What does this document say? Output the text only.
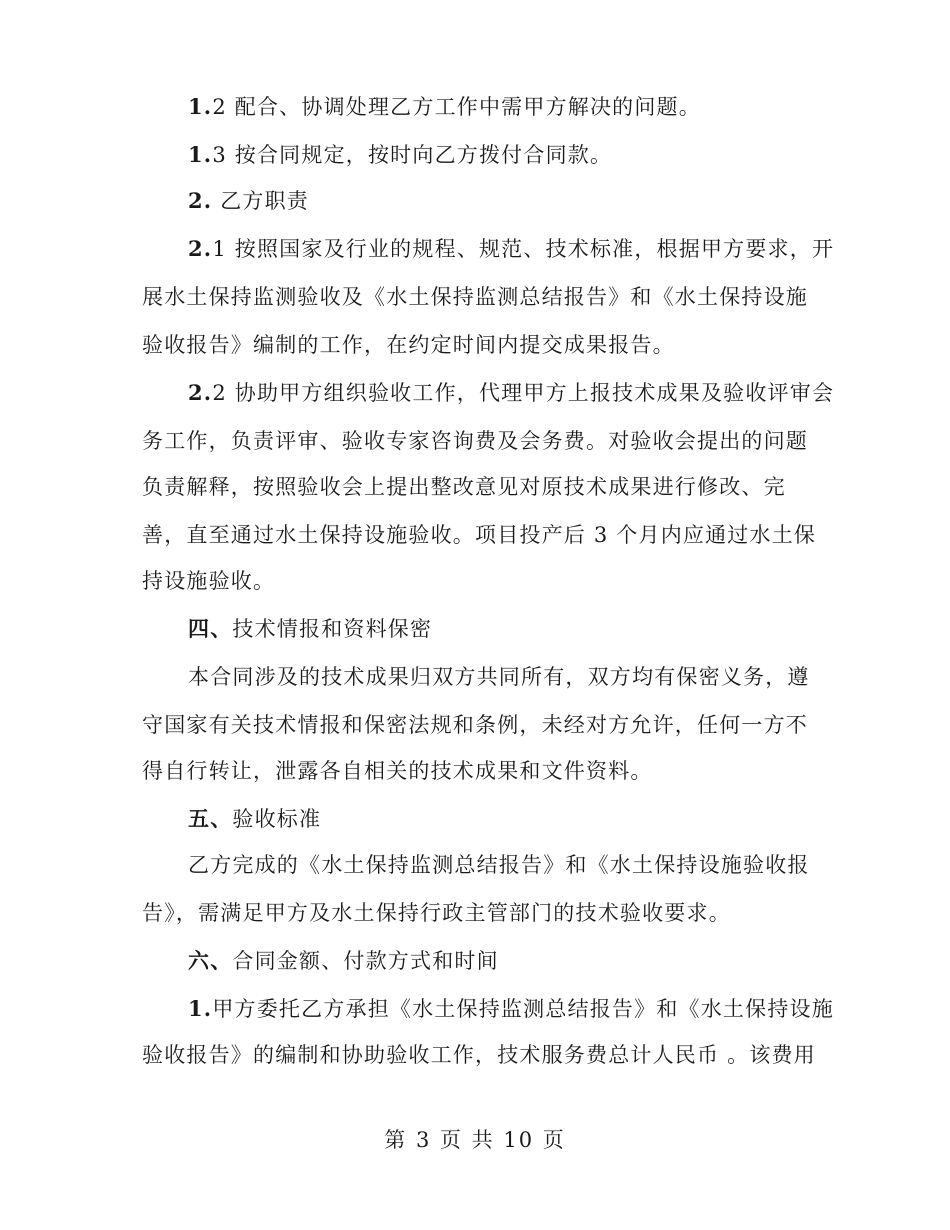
1.2 配合、协调处理乙方工作中需甲方解决的问题。
1.3 按合同规定，按时向乙方拨付合同款。
2. 乙方职责
2.1 按照国家及行业的规程、规范、技术标准，根据甲方要求，开
展水土保持监测验收及《水土保持监测总结报告》和《水土保持设施
验收报告》编制的工作，在约定时间内提交成果报告。
2.2 协助甲方组织验收工作，代理甲方上报技术成果及验收评审会
务工作，负责评审、验收专家咨询费及会务费。对验收会提出的问题
负责解释，按照验收会上提出整改意见对原技术成果进行修改、完
善，直至通过水土保持设施验收。项目投产后 3 个月内应通过水土保
持设施验收。
四、技术情报和资料保密
本合同涉及的技术成果归双方共同所有，双方均有保密义务，遵
守国家有关技术情报和保密法规和条例，未经对方允许，任何一方不
得自行转让，泄露各自相关的技术成果和文件资料。
五、验收标准
乙方完成的《水土保持监测总结报告》和《水土保持设施验收报
告》，需满足甲方及水土保持行政主管部门的技术验收要求。
六、合同金额、付款方式和时间
1.甲方委托乙方承担《水土保持监测总结报告》和《水土保持设施
验收报告》的编制和协助验收工作，技术服务费总计人民币 。该费用
第 3 页 共 10 页
